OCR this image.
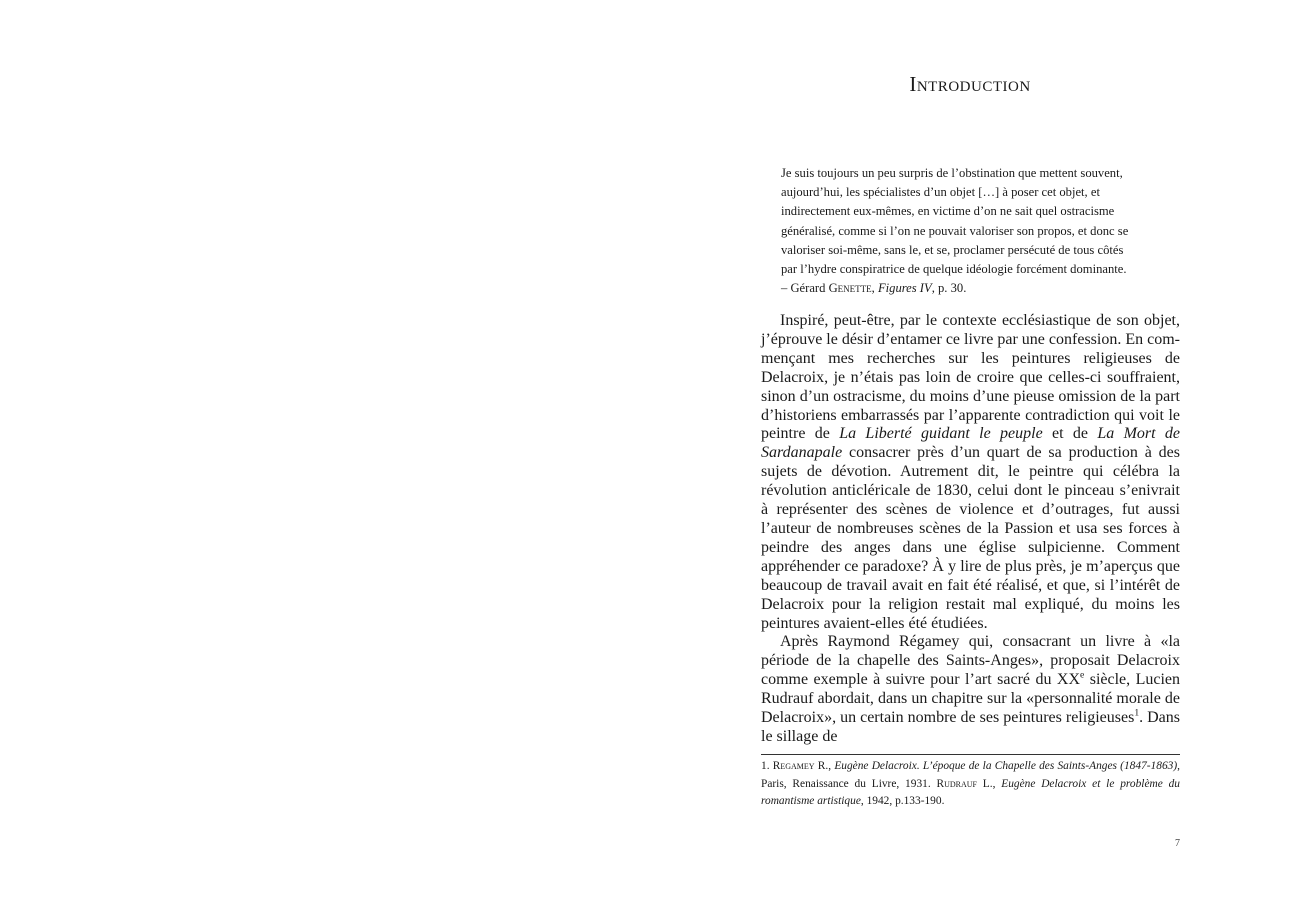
Introduction
Je suis toujours un peu surpris de l’obstination que mettent souvent,
aujourd’hui, les spécialistes d’un objet […] à poser cet objet, et
indirectement eux-mêmes, en victime d’on ne sait quel ostracisme
généralisé, comme si l’on ne pouvait valoriser son propos, et donc se
valoriser soi-même, sans le, et se, proclamer persécuté de tous côtés
par l’hydre conspiratrice de quelque idéologie forcément dominante.
– Gérard Genette, Figures IV, p. 30.

Inspiré, peut-être, par le contexte ecclésiastique de son objet, j’éprouve le désir d’entamer ce livre par une confession. En commençant mes recherches sur les peintures religieuses de Delacroix, je n’étais pas loin de croire que celles-ci souffraient, sinon d’un ostracisme, du moins d’une pieuse omission de la part d’historiens embarrassés par l’apparente contradiction qui voit le peintre de La Liberté guidant le peuple et de La Mort de Sardanapale consacrer près d’un quart de sa production à des sujets de dévotion. Autrement dit, le peintre qui célébra la révolution anticléricale de 1830, celui dont le pinceau s’enivrait à représenter des scènes de violence et d’outrages, fut aussi l’auteur de nombreuses scènes de la Passion et usa ses forces à peindre des anges dans une église sulpicienne. Comment appréhender ce paradoxe? À y lire de plus près, je m’aperçus que beaucoup de travail avait en fait été réalisé, et que, si l’intérêt de Delacroix pour la religion restait mal expliqué, du moins les peintures avaient-elles été étudiées.

Après Raymond Régamey qui, consacrant un livre à «la période de la chapelle des Saints-Anges», proposait Delacroix comme exemple à suivre pour l’art sacré du XXe siècle, Lucien Rudrauf abordait, dans un chapitre sur la «personnalité morale de Delacroix», un certain nombre de ses peintures religieuses$^1$. Dans le sillage de

1. Regamey R., Eugène Delacroix. L’époque de la Chapelle des Saints-Anges (1847-1863), Paris, Renaissance du Livre, 1931. Rudrauf L., Eugène Delacroix et le problème du romantisme artistique, 1942, p.133-190.
7
